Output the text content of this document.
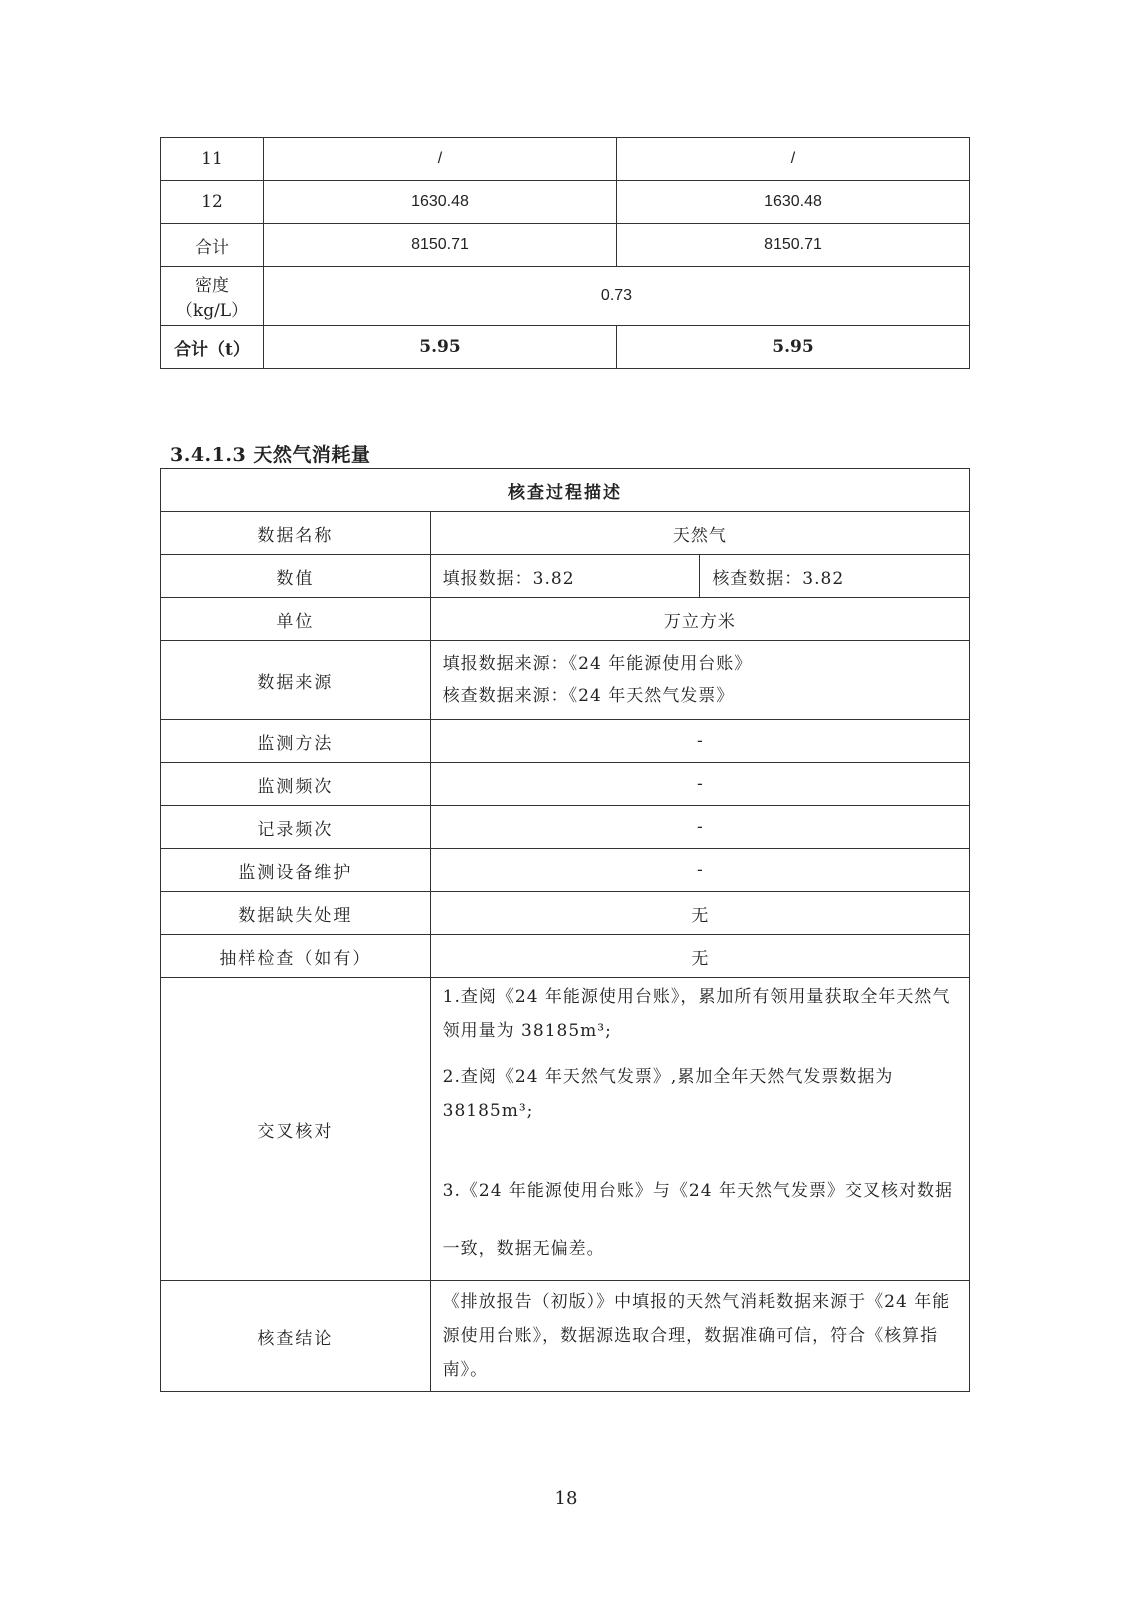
11	/	/
12	1630.48	1630.48
合计	8150.71	8150.71

密度
（kg/L）	0.73	
合计（t）	5.95	5.95
3.4.1.3 天然气消耗量
核查过程描述		
数据名称	天然气	
数值	填报数据：3.82	核查数据：3.82
单位	万立方米	
数据来源	填报数据来源：《24 年能源使用台账》
核查数据来源：《24 年天然气发票》	

监测方法	-	
监测频次	-	
记录频次	-	
监测设备维护	-	
数据缺失处理	无	
抽样检查（如有）	无	
交叉核对	1.查阅《24 年能源使用台账》，累加所有领用量获取全年天然气领用量为 38185m³;

2.查阅《24 年天然气发票》,累加全年天然气发票数据为 38185m³;

3.《24 年能源使用台账》与《24 年天然气发票》交叉核对数据一致，数据无偏差。	

核查结论	《排放报告（初版）》中填报的天然气消耗数据来源于《24 年能源使用台账》，数据源选取合理，数据准确可信，符合《核算指南》。	
18
